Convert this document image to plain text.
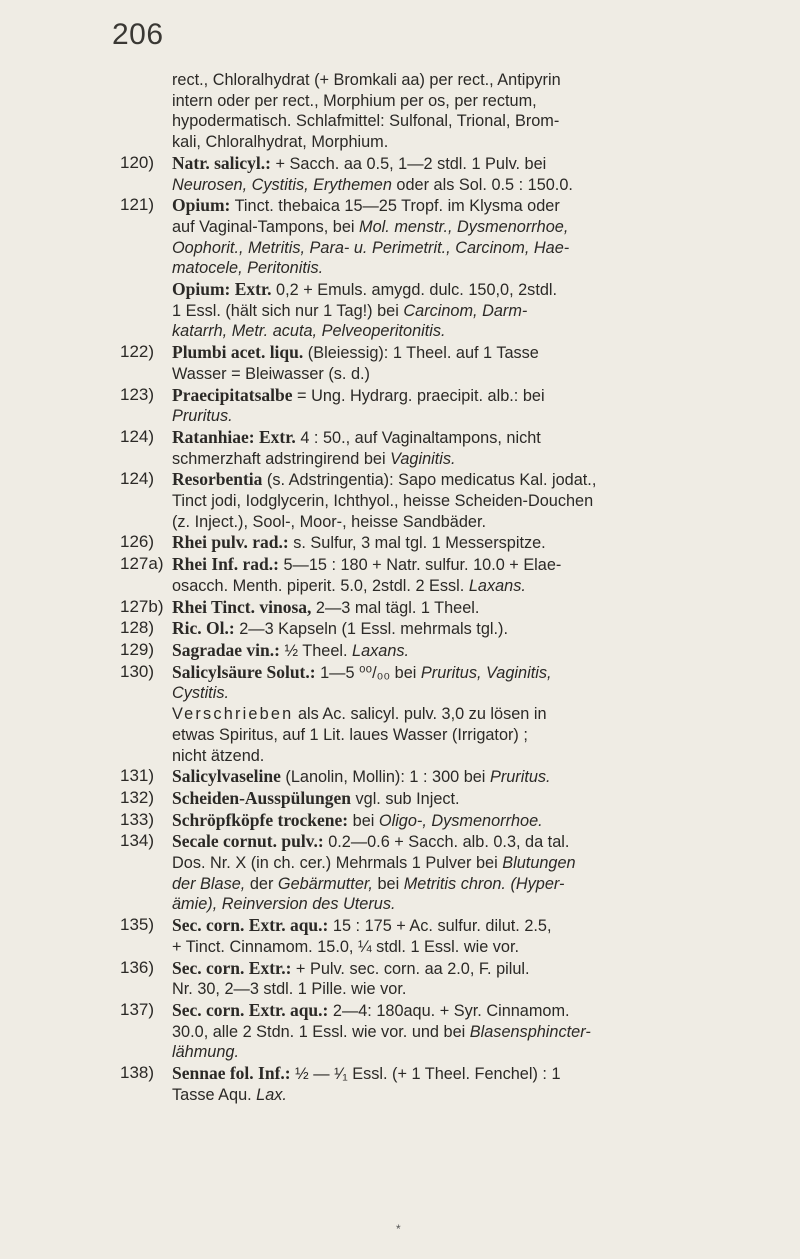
206
rect., Chloralhydrat (+ Bromkali aa) per rect., Antipyrin
intern oder per rect., Morphium per os, per rectum,
hypodermatisch. Schlafmittel: Sulfonal, Trional, Brom-
kali, Chloralhydrat, Morphium.
120)	Natr. salicyl.: + Sacch. aa 0.5, 1—2 stdl. 1 Pulv. bei
Neurosen, Cystitis, Erythemen oder als Sol. 0.5 : 150.0.
121)	Opium: Tinct. thebaica 15—25 Tropf. im Klysma oder
auf Vaginal-Tampons, bei Mol. menstr., Dysmenorrhoe,
Oophorit., Metritis, Para- u. Perimetrit., Carcinom, Hae-
matocele, Peritonitis.
Opium: Extr. 0,2 + Emuls. amygd. dulc. 150,0, 2stdl.
1 Essl. (hält sich nur 1 Tag!) bei Carcinom, Darm-
katarrh, Metr. acuta, Pelveoperitonitis.
122)	Plumbi acet. liqu. (Bleiessig): 1 Theel. auf 1 Tasse
Wasser = Bleiwasser (s. d.)
123)	Praecipitatsalbe = Ung. Hydrarg. praecipit. alb.: bei
Pruritus.
124)	Ratanhiae: Extr. 4 : 50., auf Vaginaltampons, nicht
schmerzhaft adstringirend bei Vaginitis.
124)	Resorbentia (s. Adstringentia): Sapo medicatus Kal. jodat.,
Tinct jodi, Iodglycerin, Ichthyol., heisse Scheiden-Douchen
(z. Inject.), Sool-, Moor-, heisse Sandbäder.
126)	Rhei pulv. rad.: s. Sulfur, 3 mal tgl. 1 Messerspitze.
127a) Rhei Inf. rad.: 5—15 : 180 + Natr. sulfur. 10.0 + Elae-
osacch. Menth. piperit. 5.0, 2stdl. 2 Essl. Laxans.
127b) Rhei Tinct. vinosa, 2—3 mal tägl. 1 Theel.
128)	Ric. Ol.: 2—3 Kapseln (1 Essl. mehrmals tgl.).
129)	Sagradae vin.: ½ Theel. Laxans.
130)	Salicylsäure Solut.: 1—5 ⁰⁰/₀₀ bei Pruritus, Vaginitis,
Cystitis.
Verschrieben als Ac. salicyl. pulv. 3,0 zu lösen in
etwas Spiritus, auf 1 Lit. laues Wasser (Irrigator) ;
nicht ätzend.
131)	Salicylvaseline (Lanolin, Mollin): 1 : 300 bei Pruritus.
132)	Scheiden-Ausspülungen vgl. sub Inject.
133)	Schröpfköpfe trockene: bei Oligo-, Dysmenorrhoe.
134)	Secale cornut. pulv.: 0.2—0.6 + Sacch. alb. 0.3, da tal.
Dos. Nr. X (in ch. cer.) Mehrmals 1 Pulver bei Blutungen
der Blase, der Gebärmutter, bei Metritis chron. (Hyper-
ämie), Reinversion des Uterus.
135)	Sec. corn. Extr. aqu.: 15 : 175 + Ac. sulfur. dilut. 2.5,
+ Tinct. Cinnamom. 15.0, ¼ stdl. 1 Essl. wie vor.
136)	Sec. corn. Extr.: + Pulv. sec. corn. aa 2.0, F. pilul.
Nr. 30, 2—3 stdl. 1 Pille. wie vor.
137)	Sec. corn. Extr. aqu.: 2—4: 180aqu. + Syr. Cinnamom.
30.0, alle 2 Stdn. 1 Essl. wie vor. und bei Blasensphincter-
lähmung.
138)	Sennae fol. Inf.: ½ — ¹⁄₁ Essl. (+ 1 Theel. Fenchel) : 1
Tasse Aqu. Lax.
*
